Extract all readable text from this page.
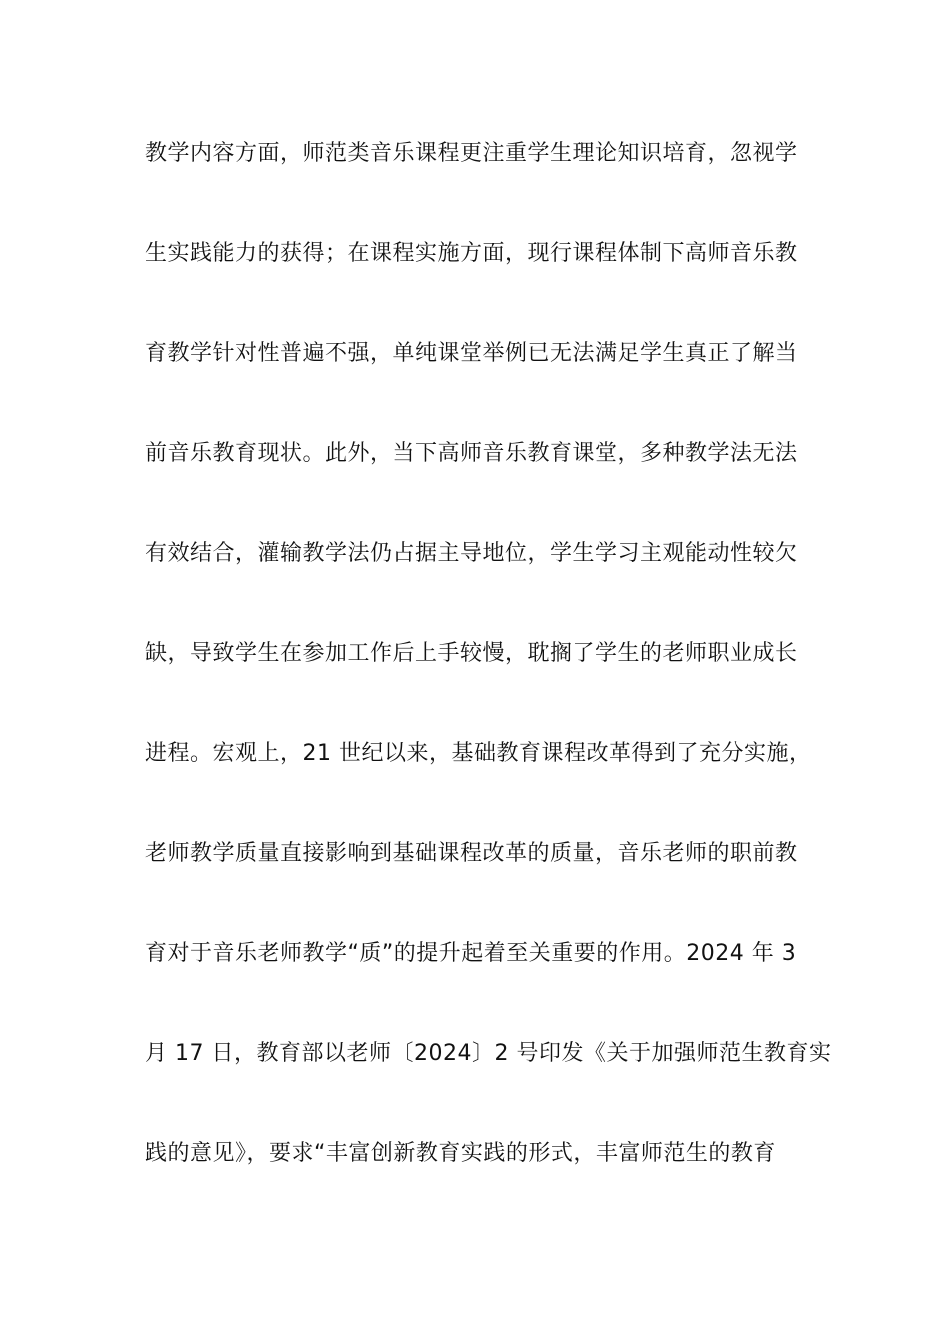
教学内容方面，师范类音乐课程更注重学生理论知识培育，忽视学
生实践能力的获得；在课程实施方面，现行课程体制下高师音乐教
育教学针对性普遍不强，单纯课堂举例已无法满足学生真正了解当
前音乐教育现状。此外，当下高师音乐教育课堂，多种教学法无法
有效结合，灌输教学法仍占据主导地位，学生学习主观能动性较欠
缺，导致学生在参加工作后上手较慢，耽搁了学生的老师职业成长
进程。宏观上，21 世纪以来，基础教育课程改革得到了充分实施，
老师教学质量直接影响到基础课程改革的质量，音乐老师的职前教
育对于音乐老师教学“质”的提升起着至关重要的作用。2024 年 3
月 17 日，教育部以老师〔2024〕2 号印发《关于加强师范生教育实
践的意见》，要求“丰富创新教育实践的形式，丰富师范生的教育
